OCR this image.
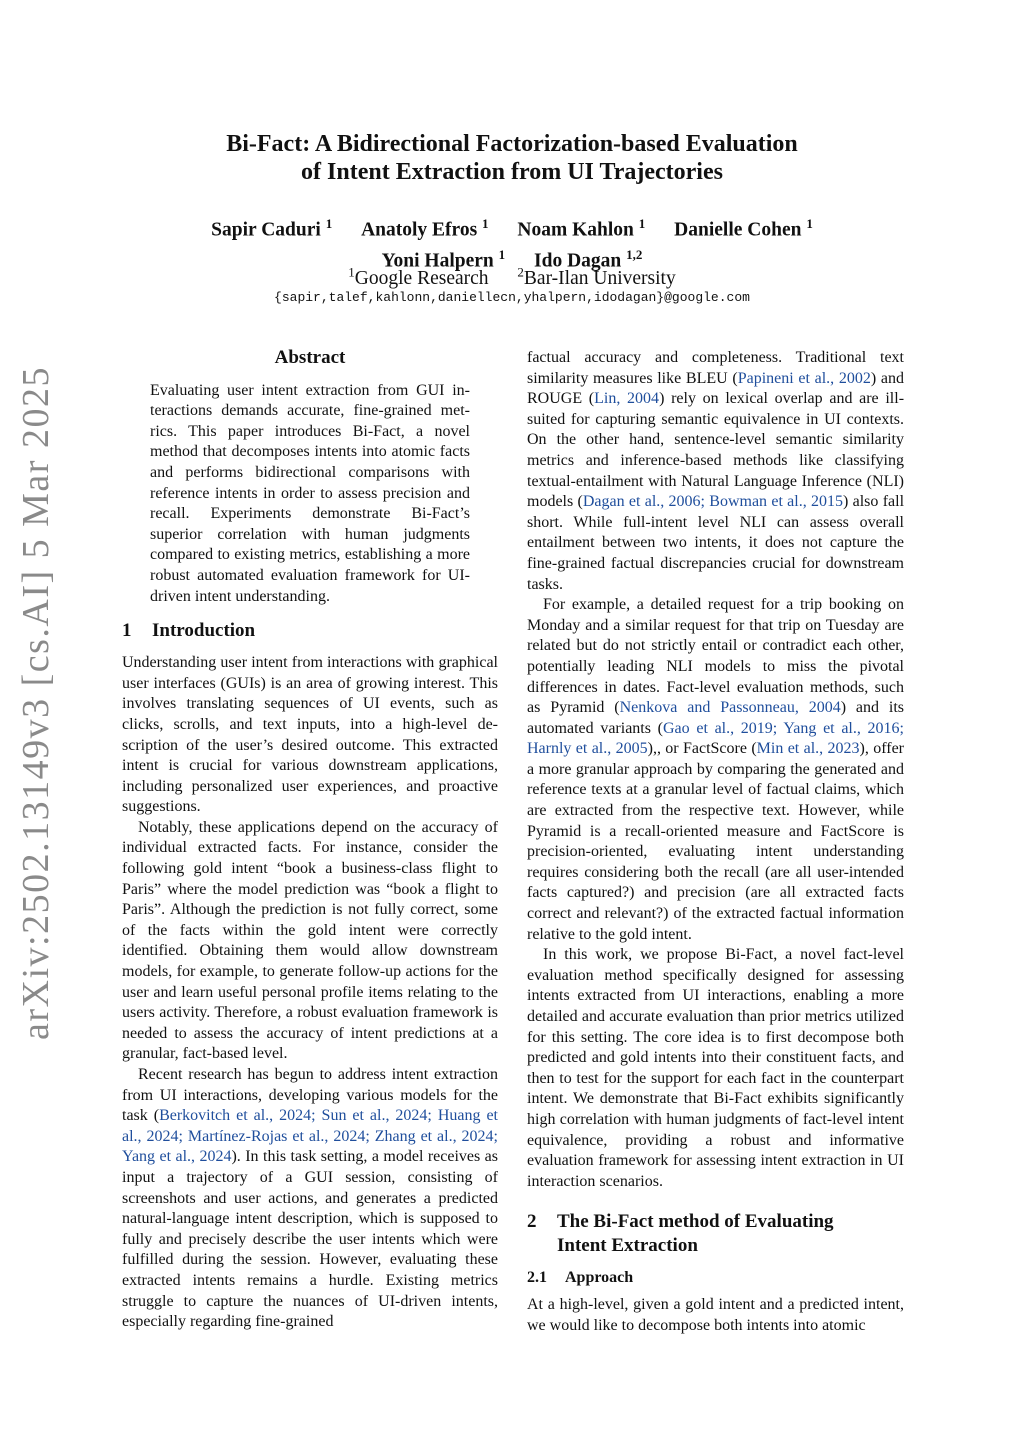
arXiv:2502.13149v3 [cs.AI] 5 Mar 2025
Bi-Fact: A Bidirectional Factorization-based Evaluation
of Intent Extraction from UI Trajectories
Sapir Caduri $^1$ Anatoly Efros $^1$ Noam Kahlon $^1$ Danielle Cohen $^1$
Yoni Halpern $^1$ Ido Dagan $^{1,2}$
$^1$Google Research $^2$Bar-Ilan University
{sapir,talef,kahlonn,daniellecn,yhalpern,idodagan}@google.com
Abstract

Evaluating user intent extraction from GUI interactions demands accurate, fine-grained metrics. This paper introduces Bi-Fact, a novel method that decomposes intents into atomic facts and performs bidirectional comparisons with reference intents in order to assess precision and recall. Experiments demonstrate Bi-Fact’s superior correlation with human judgments compared to existing metrics, establishing a more robust automated evaluation framework for UI-driven intent understanding.

1 Introduction

Understanding user intent from interactions with graphical user interfaces (GUIs) is an area of growing interest. This involves translating sequences of UI events, such as clicks, scrolls, and text inputs, into a high-level description of the user’s desired outcome. This extracted intent is crucial for various downstream applications, including personalized user experiences, and proactive suggestions.

Notably, these applications depend on the accuracy of individual extracted facts. For instance, consider the following gold intent “book a business-class flight to Paris” where the model prediction was “book a flight to Paris”. Although the prediction is not fully correct, some of the facts within the gold intent were correctly identified. Obtaining them would allow downstream models, for example, to generate follow-up actions for the user and learn useful personal profile items relating to the users activity. Therefore, a robust evaluation framework is needed to assess the accuracy of intent predictions at a granular, fact-based level.

Recent research has begun to address intent extraction from UI interactions, developing various models for the task (Berkovitch et al., 2024; Sun et al., 2024; Huang et al., 2024; Martínez-Rojas et al., 2024; Zhang et al., 2024; Yang et al., 2024). In this task setting, a model receives as input a trajectory of a GUI session, consisting of screenshots and user actions, and generates a predicted natural-language intent description, which is supposed to fully and precisely describe the user intents which were fulfilled during the session. However, evaluating these extracted intents remains a hurdle. Existing metrics struggle to capture the nuances of UI-driven intents, especially regarding fine-grained

factual accuracy and completeness. Traditional text similarity measures like BLEU (Papineni et al., 2002) and ROUGE (Lin, 2004) rely on lexical overlap and are ill-suited for capturing semantic equivalence in UI contexts. On the other hand, sentence-level semantic similarity metrics and inference-based methods like classifying textual-entailment with Natural Language Inference (NLI) models (Dagan et al., 2006; Bowman et al., 2015) also fall short. While full-intent level NLI can assess overall entailment between two intents, it does not capture the fine-grained factual discrepancies crucial for downstream tasks.

For example, a detailed request for a trip booking on Monday and a similar request for that trip on Tuesday are related but do not strictly entail or contradict each other, potentially leading NLI models to miss the pivotal differences in dates. Fact-level evaluation methods, such as Pyramid (Nenkova and Passonneau, 2004) and its automated variants (Gao et al., 2019; Yang et al., 2016; Harnly et al., 2005),, or FactScore (Min et al., 2023), offer a more granular approach by comparing the generated and reference texts at a granular level of factual claims, which are extracted from the respective text. However, while Pyramid is a recall-oriented measure and FactScore is precision-oriented, evaluating intent understanding requires considering both the recall (are all user-intended facts captured?) and precision (are all extracted facts correct and relevant?) of the extracted factual information relative to the gold intent.

In this work, we propose Bi-Fact, a novel fact-level evaluation method specifically designed for assessing intents extracted from UI interactions, enabling a more detailed and accurate evaluation than prior metrics utilized for this setting. The core idea is to first decompose both predicted and gold intents into their constituent facts, and then to test for the support for each fact in the counterpart intent. We demonstrate that Bi-Fact exhibits significantly high correlation with human judgments of fact-level intent equivalence, providing a robust and informative evaluation framework for assessing intent extraction in UI interaction scenarios.

2 The Bi-Fact method of Evaluating Intent Extraction
2.1 Approach

At a high-level, given a gold intent and a predicted intent, we would like to decompose both intents into atomic
